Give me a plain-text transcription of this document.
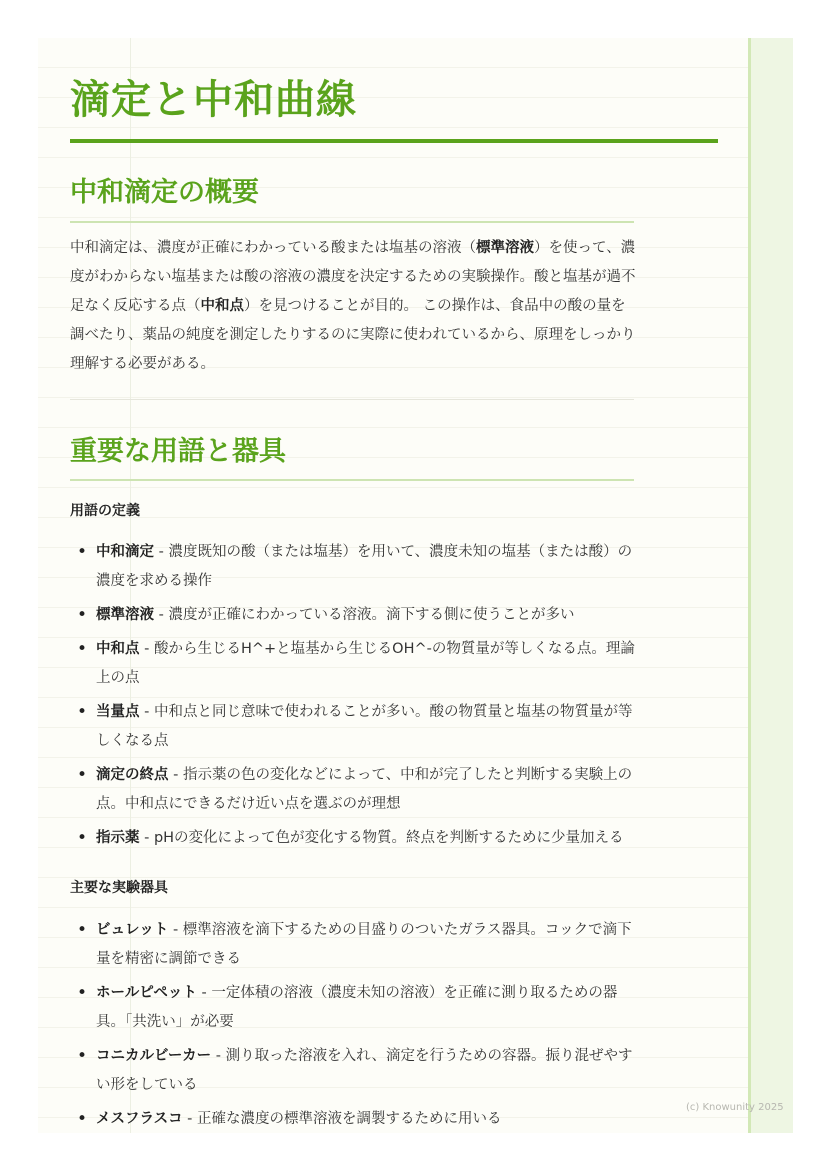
滴定と中和曲線
中和滴定の概要

中和滴定は、濃度が正確にわかっている酸または塩基の溶液（標準溶液）を使って、濃度がわからない塩基または酸の溶液の濃度を決定するための実験操作。酸と塩基が過不足なく反応する点（中和点）を見つけることが目的。 この操作は、食品中の酸の量を調べたり、薬品の純度を測定したりするのに実際に使われているから、原理をしっかり理解する必要がある。

重要な用語と器具
用語の定義
• 中和滴定 - 濃度既知の酸（または塩基）を用いて、濃度未知の塩基（または酸）の濃度を求める操作
• 標準溶液 - 濃度が正確にわかっている溶液。滴下する側に使うことが多い
• 中和点 - 酸から生じるH^+と塩基から生じるOH^-の物質量が等しくなる点。理論上の点
• 当量点 - 中和点と同じ意味で使われることが多い。酸の物質量と塩基の物質量が等しくなる点
• 滴定の終点 - 指示薬の色の変化などによって、中和が完了したと判断する実験上の点。中和点にできるだけ近い点を選ぶのが理想
• 指示薬 - pHの変化によって色が変化する物質。終点を判断するために少量加える
主要な実験器具
• ビュレット - 標準溶液を滴下するための目盛りのついたガラス器具。コックで滴下量を精密に調節できる
• ホールピペット - 一定体積の溶液（濃度未知の溶液）を正確に測り取るための器具。「共洗い」が必要
• コニカルビーカー - 測り取った溶液を入れ、滴定を行うための容器。振り混ぜやすい形をしている
• メスフラスコ - 正確な濃度の標準溶液を調製するために用いる
(c) Knowunity 2025
